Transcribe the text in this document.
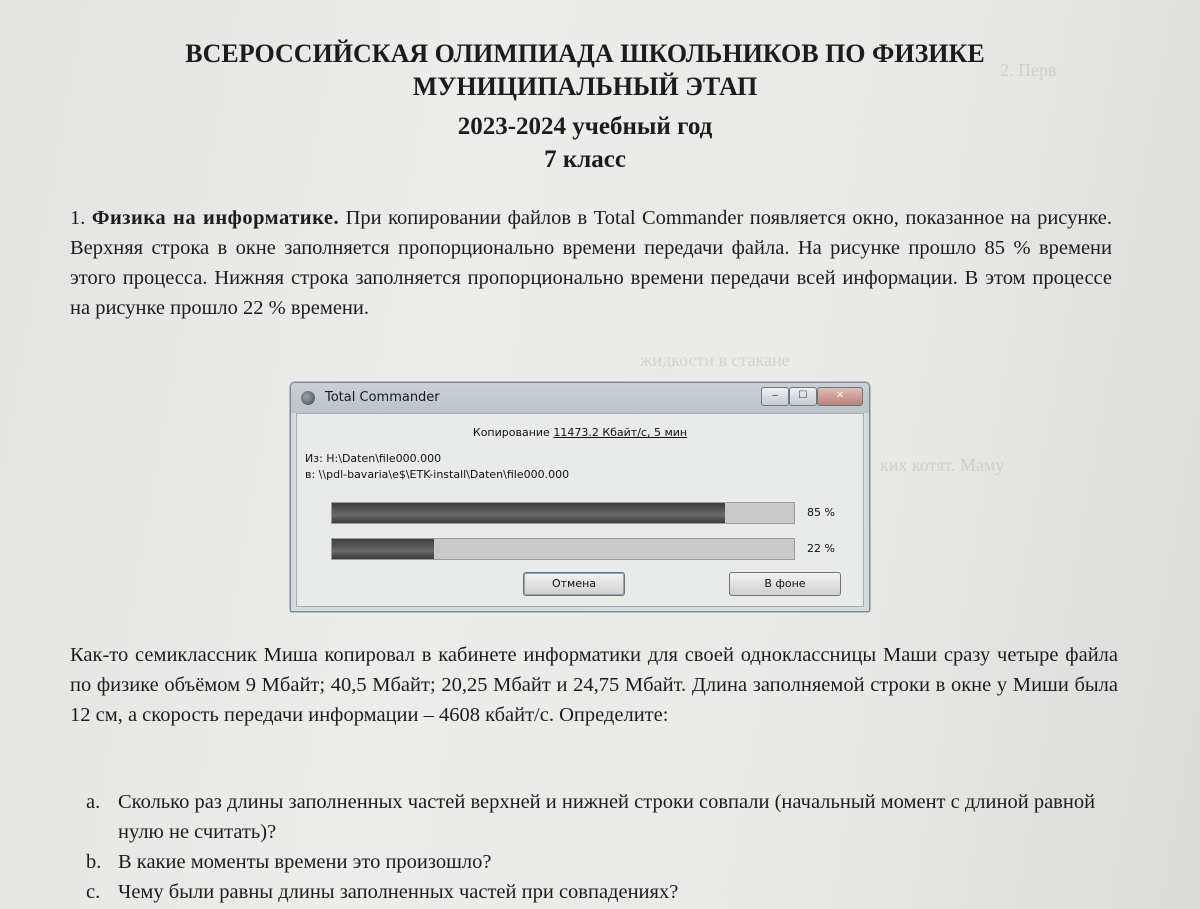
2. Перв
жидкости в стакане
ких котят. Маму
ВСЕРОССИЙСКАЯ ОЛИМПИАДА ШКОЛЬНИКОВ ПО ФИЗИКЕ
МУНИЦИПАЛЬНЫЙ ЭТАП
2023-2024 учебный год
7 класс
1. Физика на информатике. При копировании файлов в Total Commander появляется окно, показанное на рисунке. Верхняя строка в окне заполняется пропорционально времени передачи файла. На рисунке прошло 85 % времени этого процесса. Нижняя строка заполняется пропорционально времени передачи всей информации. В этом процессе на рисунке прошло 22 % времени.
Total Commander	‒	☐	✕
Копирование 11473.2 Кбайт/с, 5 мин
Из: H:\Daten\file000.000
в: \\pdl-bavaria\e$\ETK-install\Daten\file000.000
85 %
22 %
Отмена	В фоне
Как-то семиклассник Миша копировал в кабинете информатики для своей одноклассницы Маши сразу четыре файла по физике объёмом 9 Мбайт; 40,5 Мбайт; 20,25 Мбайт и 24,75 Мбайт. Длина заполняемой строки в окне у Миши была 12 см, а скорость передачи информации – 4608 кбайт/с. Определите:
a. Сколько раз длины заполненных частей верхней и нижней строки совпали (начальный момент с длиной равной нулю не считать)?
b. В какие моменты времени это произошло?
c. Чему были равны длины заполненных частей при совпадениях?
